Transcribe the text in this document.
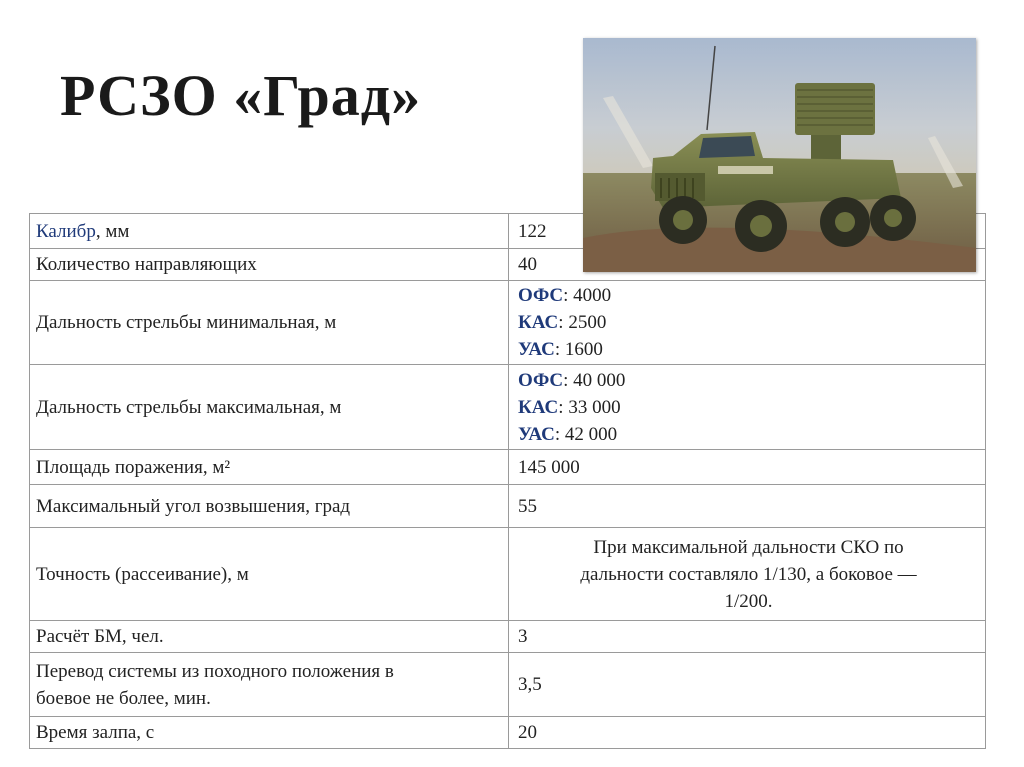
РСЗО «Град»
Калибр, мм	122
Количество направляющих	40
Дальность стрельбы минимальная, м	ОФС: 4000
КАС: 2500
УАС: 1600

Дальность стрельбы максимальная, м	ОФС: 40 000
КАС: 33 000
УАС: 42 000

Площадь поражения, м²	145 000
Максимальный угол возвышения, град	55
Точность (рассеивание), м	При максимальной дальности СКО по
дальности составляло 1/130, а боковое —
1/200.

Расчёт БМ, чел.	3

Перевод системы из походного положения в
боевое не более, мин.	3,5
Время залпа, с	20
